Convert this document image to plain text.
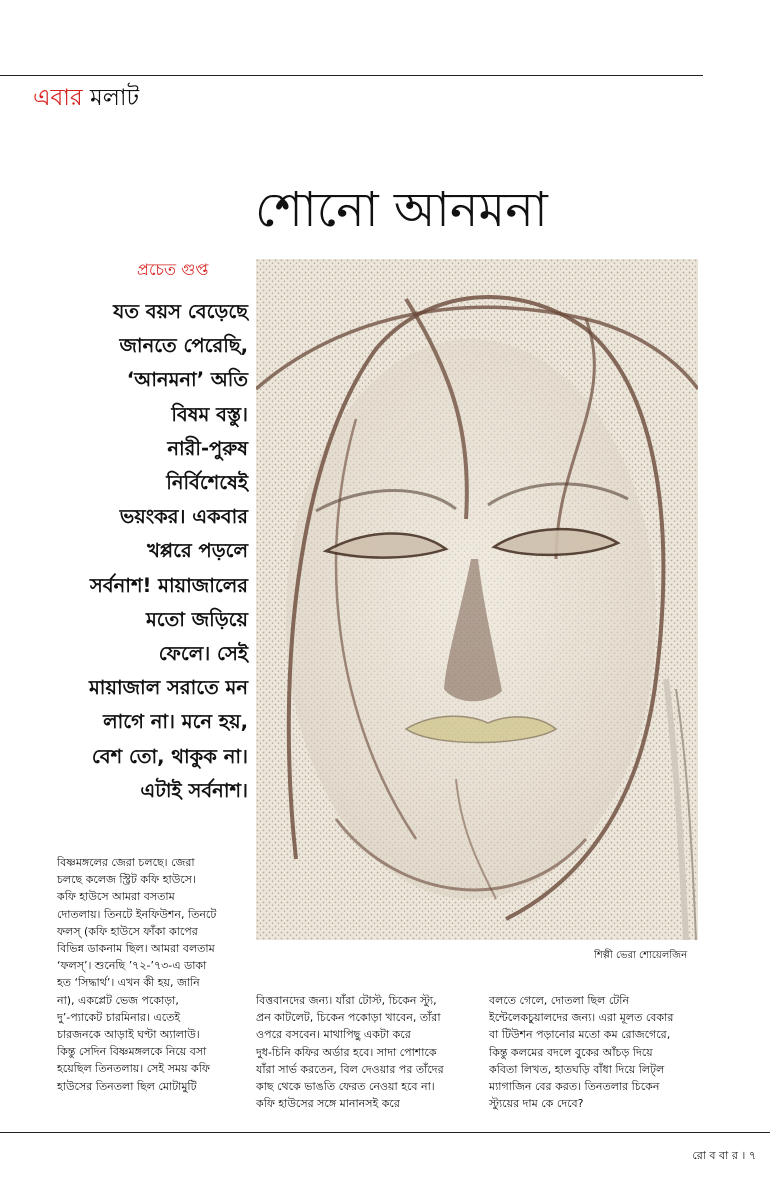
এবার মলাট
শোনো আনমনা
প্রচেত গুপ্ত
যত বয়স বেড়েছে
জানতে পেরেছি,
‘আনমনা’ অতি
বিষম বস্তু।
নারী-পুরুষ
নির্বিশেষেই
ভয়ংকর। একবার
খপ্পরে পড়লে
সর্বনাশ! মায়াজালের
মতো জড়িয়ে
ফেলে। সেই
মায়াজাল সরাতে মন
লাগে না। মনে হয়,
বেশ তো, থাকুক না।
এটাই সর্বনাশ।
শিল্পী ভেরা শোয়েলজিন
বিষ্ণমঙ্গলের জেরা চলছে। জেরা
চলছে কলেজ স্ট্রিট কফি হাউসে।
কফি হাউসে আমরা বসতাম
দোতলায়। তিনটে ইনফিউশন, তিনটে
ফলস্ (কফি হাউসে ফাঁকা কাপের
বিভিন্ন ডাকনাম ছিল। আমরা বলতাম
‘ফলস্’। শুনেছি ’৭২-’৭৩-এ ডাকা
হত ‘সিদ্ধার্থ’। এখন কী হয়, জানি
না), একপ্লেট ভেজ পকোড়া,
দু’-প্যাকেট চারমিনার। এতেই
চারজনকে আড়াই ঘণ্টা অ্যালাউ।
কিন্তু সেদিন বিষ্ণমঙ্গলকে নিয়ে বসা
হয়েছিল তিনতলায়। সেই সময় কফি
হাউসের তিনতলা ছিল মোটামুটি
বিত্তবানদের জন্য। যাঁরা টোস্ট, চিকেন স্ট্যু,
প্রন কাটলেট, চিকেন পকোড়া খাবেন, তাঁরা
ওপরে বসবেন। মাথাপিছু একটা করে
দুধ-চিনি কফির অর্ডার হবে। সাদা পোশাকে
যাঁরা সার্ভ করতেন, বিল দেওয়ার পর তাঁদের
কাছ থেকে ভাঙতি ফেরত নেওয়া হবে না।
কফি হাউসের সঙ্গে মানানসই করে
বলতে গেলে, দোতলা ছিল টেনি
ইন্টেলেকচুয়ালদের জন্য। এরা মূলত বেকার
বা টিউশন পড়ানোর মতো কম রোজগেরে,
কিন্তু কলমের বদলে বুকের আঁচড় দিয়ে
কবিতা লিখত, হাতঘড়ি বাঁধা দিয়ে লিট্‌ল
ম্যাগাজিন বের করত। তিনতলার চিকেন
স্ট্যুয়ের দাম কে দেবে?
রো ব বা র । ৭
